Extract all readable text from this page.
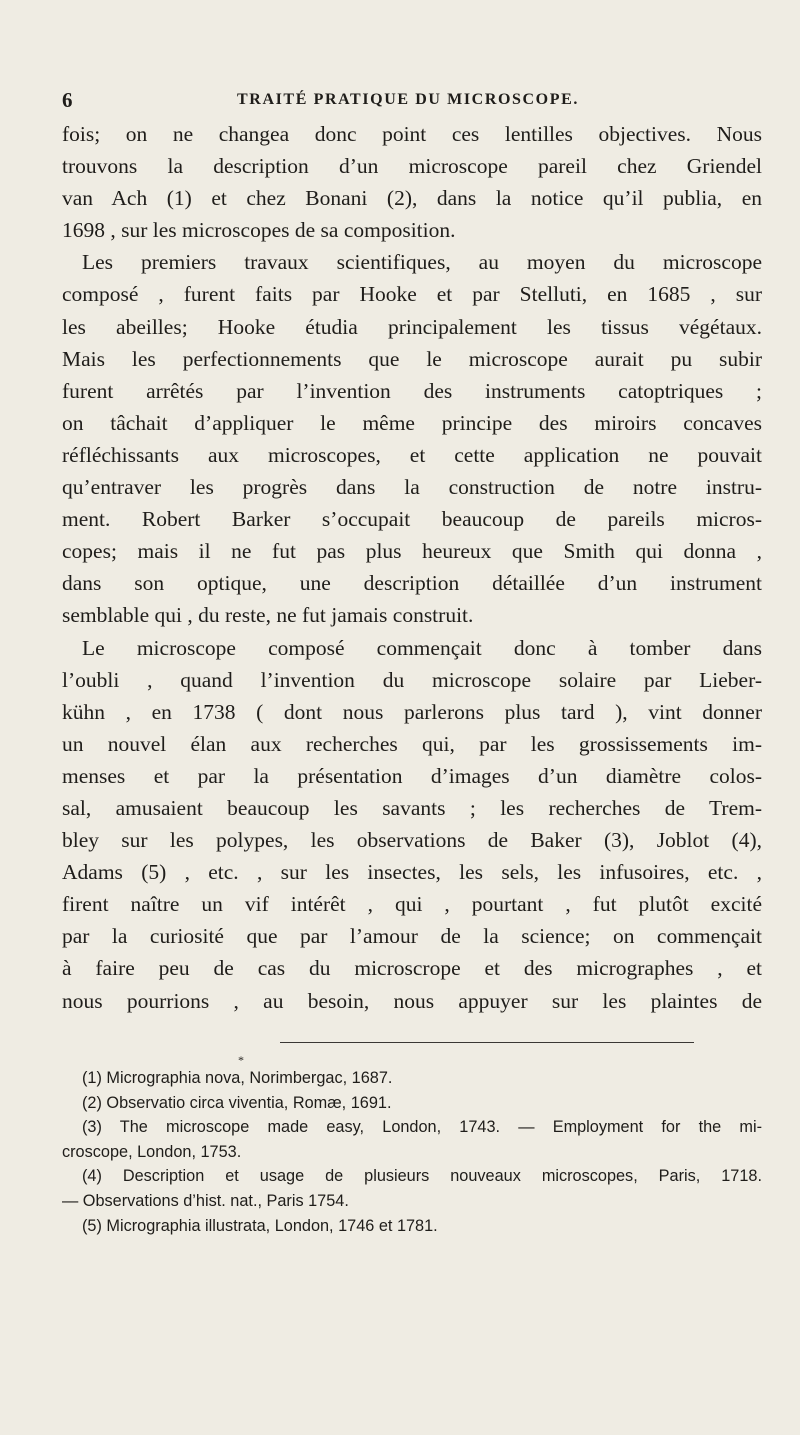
6	TRAITÉ PRATIQUE DU MICROSCOPE.
fois; on ne changea donc point ces lentilles objectives. Nous
trouvons la description d’un microscope pareil chez Griendel
van Ach (1) et chez Bonani (2), dans la notice qu’il publia, en
1698 , sur les microscopes de sa composition.
Les premiers travaux scientifiques, au moyen du microscope
composé , furent faits par Hooke et par Stelluti, en 1685 , sur
les abeilles; Hooke étudia principalement les tissus végétaux.
Mais les perfectionnements que le microscope aurait pu subir
furent arrêtés par l’invention des instruments catoptriques ;
on tâchait d’appliquer le même principe des miroirs concaves
réfléchissants aux microscopes, et cette application ne pouvait
qu’entraver les progrès dans la construction de notre instru-
ment. Robert Barker s’occupait beaucoup de pareils micros-
copes; mais il ne fut pas plus heureux que Smith qui donna ,
dans son optique, une description détaillée d’un instrument
semblable qui , du reste, ne fut jamais construit.
Le microscope composé commençait donc à tomber dans
l’oubli , quand l’invention du microscope solaire par Lieber-
kühn , en 1738 ( dont nous parlerons plus tard ), vint donner
un nouvel élan aux recherches qui, par les grossissements im-
menses et par la présentation d’images d’un diamètre colos-
sal, amusaient beaucoup les savants ; les recherches de Trem-
bley sur les polypes, les observations de Baker (3), Joblot (4),
Adams (5) , etc. , sur les insectes, les sels, les infusoires, etc. ,
firent naître un vif intérêt , qui , pourtant , fut plutôt excité
par la curiosité que par l’amour de la science; on commençait
à faire peu de cas du microscrope et des micrographes , et
nous pourrions , au besoin, nous appuyer sur les plaintes de
*
(1) Micrographia nova, Norimbergac, 1687.
(2) Observatio circa viventia, Romæ, 1691.
(3) The microscope made easy, London, 1743. — Employment for the mi-
croscope, London, 1753.
(4) Description et usage de plusieurs nouveaux microscopes, Paris, 1718.
— Observations d’hist. nat., Paris 1754.
(5) Micrographia illustrata, London, 1746 et 1781.
